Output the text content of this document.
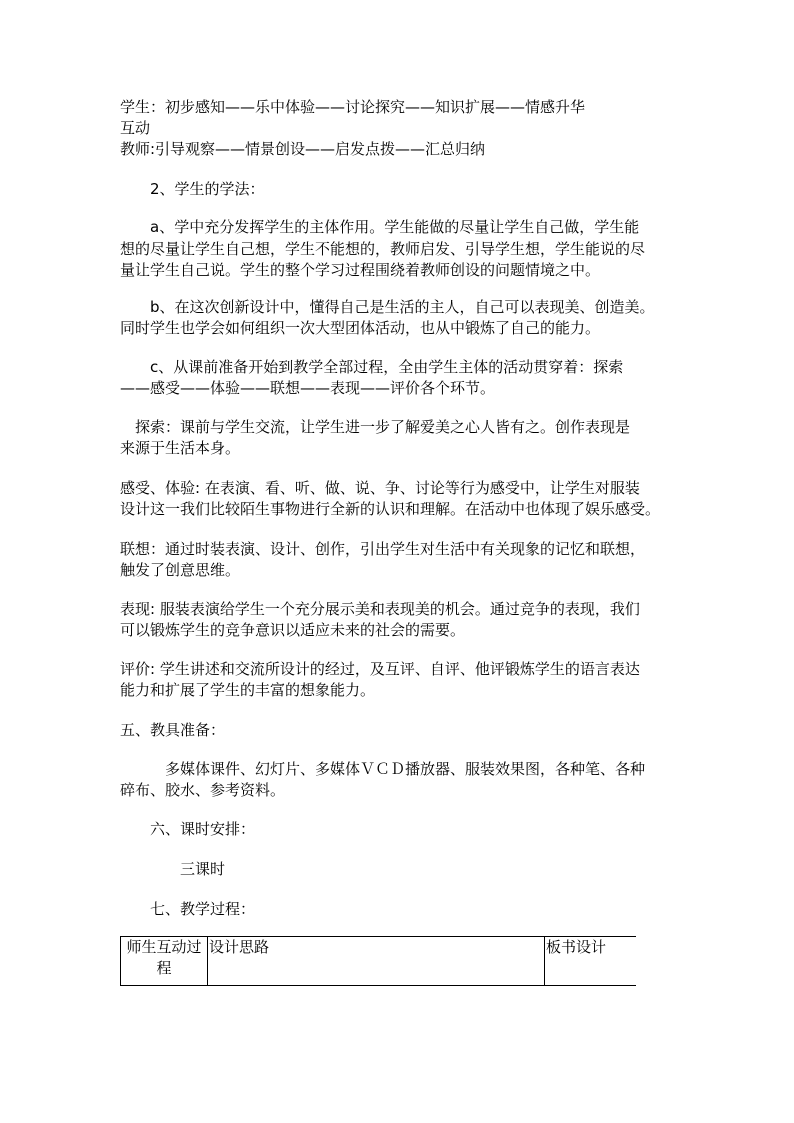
学生：初步感知——乐中体验——讨论探究——知识扩展——情感升华

互动

教师:引导观察——情景创设——启发点拨——汇总归纳

　　2、学生的学法：

　　a、学中充分发挥学生的主体作用。学生能做的尽量让学生自己做，学生能

想的尽量让学生自己想，学生不能想的，教师启发、引导学生想，学生能说的尽

量让学生自己说。学生的整个学习过程围绕着教师创设的问题情境之中。

　　b、在这次创新设计中，懂得自己是生活的主人，自己可以表现美、创造美。

同时学生也学会如何组织一次大型团体活动，也从中锻炼了自己的能力。

　　c、从课前准备开始到教学全部过程，全由学生主体的活动贯穿着：探索

——感受——体验——联想——表现——评价各个环节。

　探索：课前与学生交流，让学生进一步了解爱美之心人皆有之。创作表现是

来源于生活本身。

感受、体验: 在表演、看、听、做、说、争、讨论等行为感受中，让学生对服装

设计这一我们比较陌生事物进行全新的认识和理解。在活动中也体现了娱乐感受。

联想：通过时装表演、设计、创作，引出学生对生活中有关现象的记忆和联想，

触发了创意思维。

表现: 服装表演给学生一个充分展示美和表现美的机会。通过竞争的表现，我们

可以锻炼学生的竞争意识以适应未来的社会的需要。

评价: 学生讲述和交流所设计的经过，及互评、自评、他评锻炼学生的语言表达

能力和扩展了学生的丰富的想象能力。

五、教具准备：

　　　多媒体课件、幻灯片、多媒体ＶＣＤ播放器、服装效果图，各种笔、各种

碎布、胶水、参考资料。

　　六、课时安排：

　　　　三课时

　　七、教学过程：

师生互动过程	设计思路	板书设计
